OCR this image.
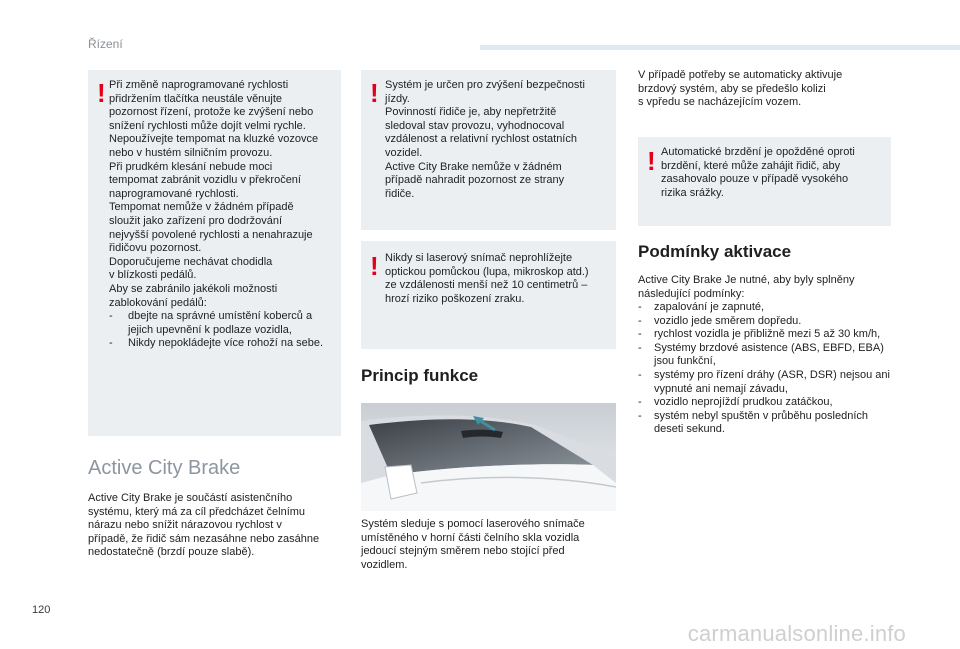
Řízení
! Při změně naprogramované rychlosti
přidržením tlačítka neustále věnujte
pozornost řízení, protože ke zvýšení nebo
snížení rychlosti může dojít velmi rychle.
Nepoužívejte tempomat na kluzké vozovce
nebo v hustém silničním provozu.
Při prudkém klesání nebude moci
tempomat zabránit vozidlu v překročení
naprogramované rychlosti.
Tempomat nemůže v žádném případě
sloužit jako zařízení pro dodržování
nejvyšší povolené rychlosti a nenahrazuje
řidičovu pozornost.
Doporučujeme nechávat chodidla
v blízkosti pedálů.
Aby se zabránilo jakékoli možnosti
zablokování pedálů:
- dbejte na správné umístění koberců a jejich upevnění k podlaze vozidla,
- Nikdy nepokládejte více rohoží na sebe.
Active City Brake

Active City Brake je součástí asistenčního
systému, který má za cíl předcházet čelnímu
nárazu nebo snížit nárazovou rychlost v
případě, že řidič sám nezasáhne nebo zasáhne
nedostatečně (brzdí pouze slabě).

! Systém je určen pro zvýšení bezpečnosti
jízdy.
Povinností řidiče je, aby nepřetržitě
sledoval stav provozu, vyhodnocoval
vzdálenost a relativní rychlost ostatních
vozidel.
Active City Brake nemůže v žádném
případě nahradit pozornost ze strany
řidiče.
! Nikdy si laserový snímač neprohlížejte
optickou pomůckou (lupa, mikroskop atd.)
ze vzdálenosti menší než 10 centimetrů –
hrozí riziko poškození zraku.
Princip funkce

Systém sleduje s pomocí laserového snímače
umístěného v horní části čelního skla vozidla
jedoucí stejným směrem nebo stojící před
vozidlem.

V případě potřeby se automaticky aktivuje
brzdový systém, aby se předešlo kolizi
s vpředu se nacházejícím vozem.

! Automatické brzdění je opožděné oproti
brzdění, které může zahájit řidič, aby
zasahovalo pouze v případě vysokého
rizika srážky.
Podmínky aktivace

Active City Brake Je nutné, aby byly splněny
následující podmínky:

- zapalování je zapnuté,
- vozidlo jede směrem dopředu.
- rychlost vozidla je přibližně mezi 5 až 30 km/h,
- Systémy brzdové asistence (ABS, EBFD, EBA) jsou funkční,
- systémy pro řízení dráhy (ASR, DSR) nejsou ani vypnuté ani nemají závadu,
- vozidlo neprojíždí prudkou zatáčkou,
- systém nebyl spuštěn v průběhu posledních deseti sekund.
120
carmanualsonline.info
